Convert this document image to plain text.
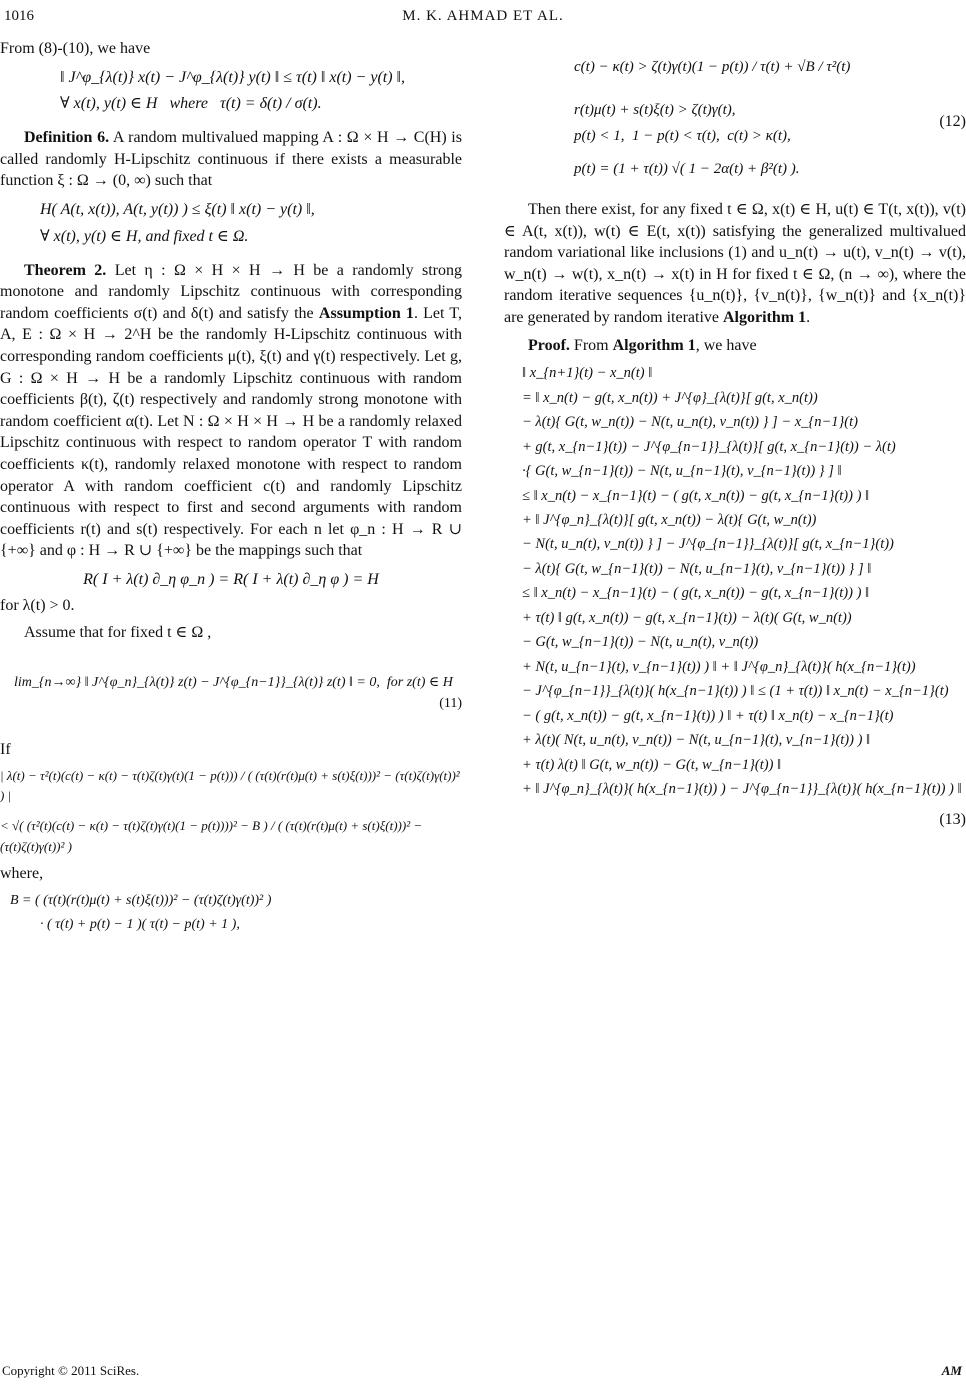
1016	M. K. AHMAD ET AL.

From (8)-(10), we have

‖ J^φ_{λ(t)} x(t) − J^φ_{λ(t)} y(t) ‖ ≤ τ(t) ‖ x(t) − y(t) ‖,
∀ x(t), y(t) ∈ H   where   τ(t) = δ(t) / σ(t).

Definition 6. A random multivalued mapping A : Ω × H → C(H) is called randomly H-Lipschitz continuous if there exists a measurable function ξ : Ω → (0, ∞) such that

H( A(t, x(t)), A(t, y(t)) ) ≤ ξ(t) ‖ x(t) − y(t) ‖,
∀ x(t), y(t) ∈ H, and fixed t ∈ Ω.

Theorem 2. Let η : Ω × H × H → H be a randomly strong monotone and randomly Lipschitz continuous with corresponding random coefficients σ(t) and δ(t) and satisfy the Assumption 1. Let T, A, E : Ω × H → 2^H be the randomly H-Lipschitz continuous with corresponding random coefficients μ(t), ξ(t) and γ(t) respectively. Let g, G : Ω × H → H be a randomly Lipschitz continuous with random coefficients β(t), ζ(t) respectively and randomly strong monotone with random coefficient α(t). Let N : Ω × H × H → H be a randomly relaxed Lipschitz continuous with respect to random operator T with random coefficients κ(t), randomly relaxed monotone with respect to random operator A with random coefficient c(t) and randomly Lipschitz continuous with respect to first and second arguments with random coefficients r(t) and s(t) respectively. For each n let φ_n : H → R ∪ {+∞} and φ : H → R ∪ {+∞} be the mappings such that

R( I + λ(t) ∂_η φ_n ) = R( I + λ(t) ∂_η φ ) = H

for λ(t) > 0.

Assume that for fixed t ∈ Ω ,

lim_{n→∞} ‖ J^{φ_n}_{λ(t)} z(t) − J^{φ_{n−1}}_{λ(t)} z(t) ‖ = 0,  for z(t) ∈ H

(11)

If

| λ(t) − τ²(t)(c(t) − κ(t) − τ(t)ζ(t)γ(t)(1 − p(t))) / ( (τ(t)(r(t)μ(t) + s(t)ξ(t)))² − (τ(t)ζ(t)γ(t))² ) |
< √( (τ²(t)(c(t) − κ(t) − τ(t)ζ(t)γ(t)(1 − p(t))))² − B ) / ( (τ(t)(r(t)μ(t) + s(t)ξ(t)))² − (τ(t)ζ(t)γ(t))² )

where,

B = ( (τ(t)(r(t)μ(t) + s(t)ξ(t)))² − (τ(t)ζ(t)γ(t))² )
· ( τ(t) + p(t) − 1 )( τ(t) − p(t) + 1 ),
c(t) − κ(t) > ζ(t)γ(t)(1 − p(t)) / τ(t) + √B / τ²(t)
r(t)μ(t) + s(t)ξ(t) > ζ(t)γ(t),
p(t) < 1,  1 − p(t) < τ(t),  c(t) > κ(t),
(12)
p(t) = (1 + τ(t)) √( 1 − 2α(t) + β²(t) ).

Then there exist, for any fixed t ∈ Ω, x(t) ∈ H, u(t) ∈ T(t, x(t)), v(t) ∈ A(t, x(t)), w(t) ∈ E(t, x(t)) satisfying the generalized multivalued random variational like inclusions (1) and u_n(t) → u(t), v_n(t) → v(t), w_n(t) → w(t), x_n(t) → x(t) in H for fixed t ∈ Ω, (n → ∞), where the random iterative sequences {u_n(t)}, {v_n(t)}, {w_n(t)} and {x_n(t)} are generated by random iterative Algorithm 1.

Proof. From Algorithm 1, we have

‖ x_{n+1}(t) − x_n(t) ‖
= ‖ x_n(t) − g(t, x_n(t)) + J^{φ}_{λ(t)}[ g(t, x_n(t))
− λ(t){ G(t, w_n(t)) − N(t, u_n(t), v_n(t)) } ] − x_{n−1}(t)
+ g(t, x_{n−1}(t)) − J^{φ_{n−1}}_{λ(t)}[ g(t, x_{n−1}(t)) − λ(t)
·{ G(t, w_{n−1}(t)) − N(t, u_{n−1}(t), v_{n−1}(t)) } ] ‖
≤ ‖ x_n(t) − x_{n−1}(t) − ( g(t, x_n(t)) − g(t, x_{n−1}(t)) ) ‖
+ ‖ J^{φ_n}_{λ(t)}[ g(t, x_n(t)) − λ(t){ G(t, w_n(t))
− N(t, u_n(t), v_n(t)) } ] − J^{φ_{n−1}}_{λ(t)}[ g(t, x_{n−1}(t))
− λ(t){ G(t, w_{n−1}(t)) − N(t, u_{n−1}(t), v_{n−1}(t)) } ] ‖
≤ ‖ x_n(t) − x_{n−1}(t) − ( g(t, x_n(t)) − g(t, x_{n−1}(t)) ) ‖
+ τ(t) ‖ g(t, x_n(t)) − g(t, x_{n−1}(t)) − λ(t)( G(t, w_n(t))
− G(t, w_{n−1}(t)) − N(t, u_n(t), v_n(t))
+ N(t, u_{n−1}(t), v_{n−1}(t)) ) ‖ + ‖ J^{φ_n}_{λ(t)}( h(x_{n−1}(t))
− J^{φ_{n−1}}_{λ(t)}( h(x_{n−1}(t)) ) ‖ ≤ (1 + τ(t)) ‖ x_n(t) − x_{n−1}(t)
− ( g(t, x_n(t)) − g(t, x_{n−1}(t)) ) ‖ + τ(t) ‖ x_n(t) − x_{n−1}(t)
+ λ(t)( N(t, u_n(t), v_n(t)) − N(t, u_{n−1}(t), v_{n−1}(t)) ) ‖
+ τ(t) λ(t) ‖ G(t, w_n(t)) − G(t, w_{n−1}(t)) ‖
+ ‖ J^{φ_n}_{λ(t)}( h(x_{n−1}(t)) ) − J^{φ_{n−1}}_{λ(t)}( h(x_{n−1}(t)) ) ‖
(13)
Copyright © 2011 SciRes.	AM
